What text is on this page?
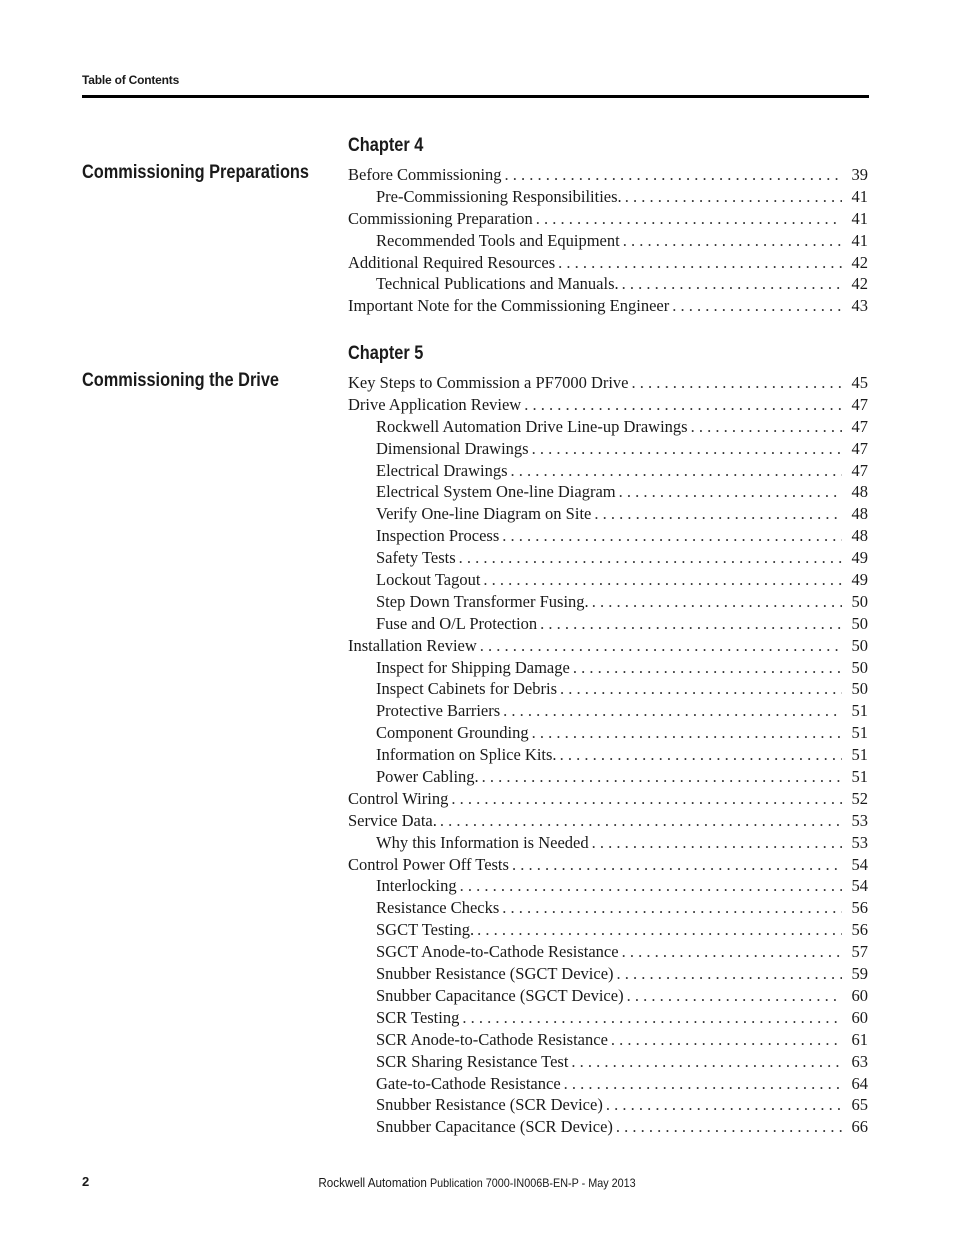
Table of Contents
Chapter 4
Commissioning Preparations Before Commissioning . . .	39
Pre-Commissioning Responsibilities. . . .	41
Commissioning Preparation . . .	41
Recommended Tools and Equipment . . .	41
Additional Required Resources . . .	42
Technical Publications and Manuals. . . .	42
Important Note for the Commissioning Engineer . . .	43
Chapter 5
Commissioning the Drive	Key Steps to Commission a PF7000 Drive . . .	45
Drive Application Review . . .	47
Rockwell Automation Drive Line-up Drawings . . .	47
Dimensional Drawings . . .	47
Electrical Drawings . . .	47
Electrical System One-line Diagram . . .	48
Verify One-line Diagram on Site . . .	48
Inspection Process . . .	48
Safety Tests . . .	49
Lockout Tagout . . .	49
Step Down Transformer Fusing. . . .	50
Fuse and O/L Protection . . .	50
Installation Review . . .	50
Inspect for Shipping Damage . . .	50
Inspect Cabinets for Debris . . .	50
Protective Barriers . . .	51
Component Grounding . . .	51
Information on Splice Kits. . . .	51
Power Cabling. . . .	51
Control Wiring . . .	52
Service Data. . . .	53
Why this Information is Needed . . .	53
Control Power Off Tests . . .	54
Interlocking . . .	54
Resistance Checks . . .	56
SGCT Testing. . . .	56
SGCT Anode-to-Cathode Resistance . . .	57
Snubber Resistance (SGCT Device) . . .	59
Snubber Capacitance (SGCT Device) . . .	60
SCR Testing . . .	60
SCR Anode-to-Cathode Resistance . . .	61
SCR Sharing Resistance Test . . .	63
Gate-to-Cathode Resistance . . .	64
Snubber Resistance (SCR Device) . . .	65
Snubber Capacitance (SCR Device) . . .	66
2	Rockwell Automation Publication 7000-IN006B-EN-P - May 2013
